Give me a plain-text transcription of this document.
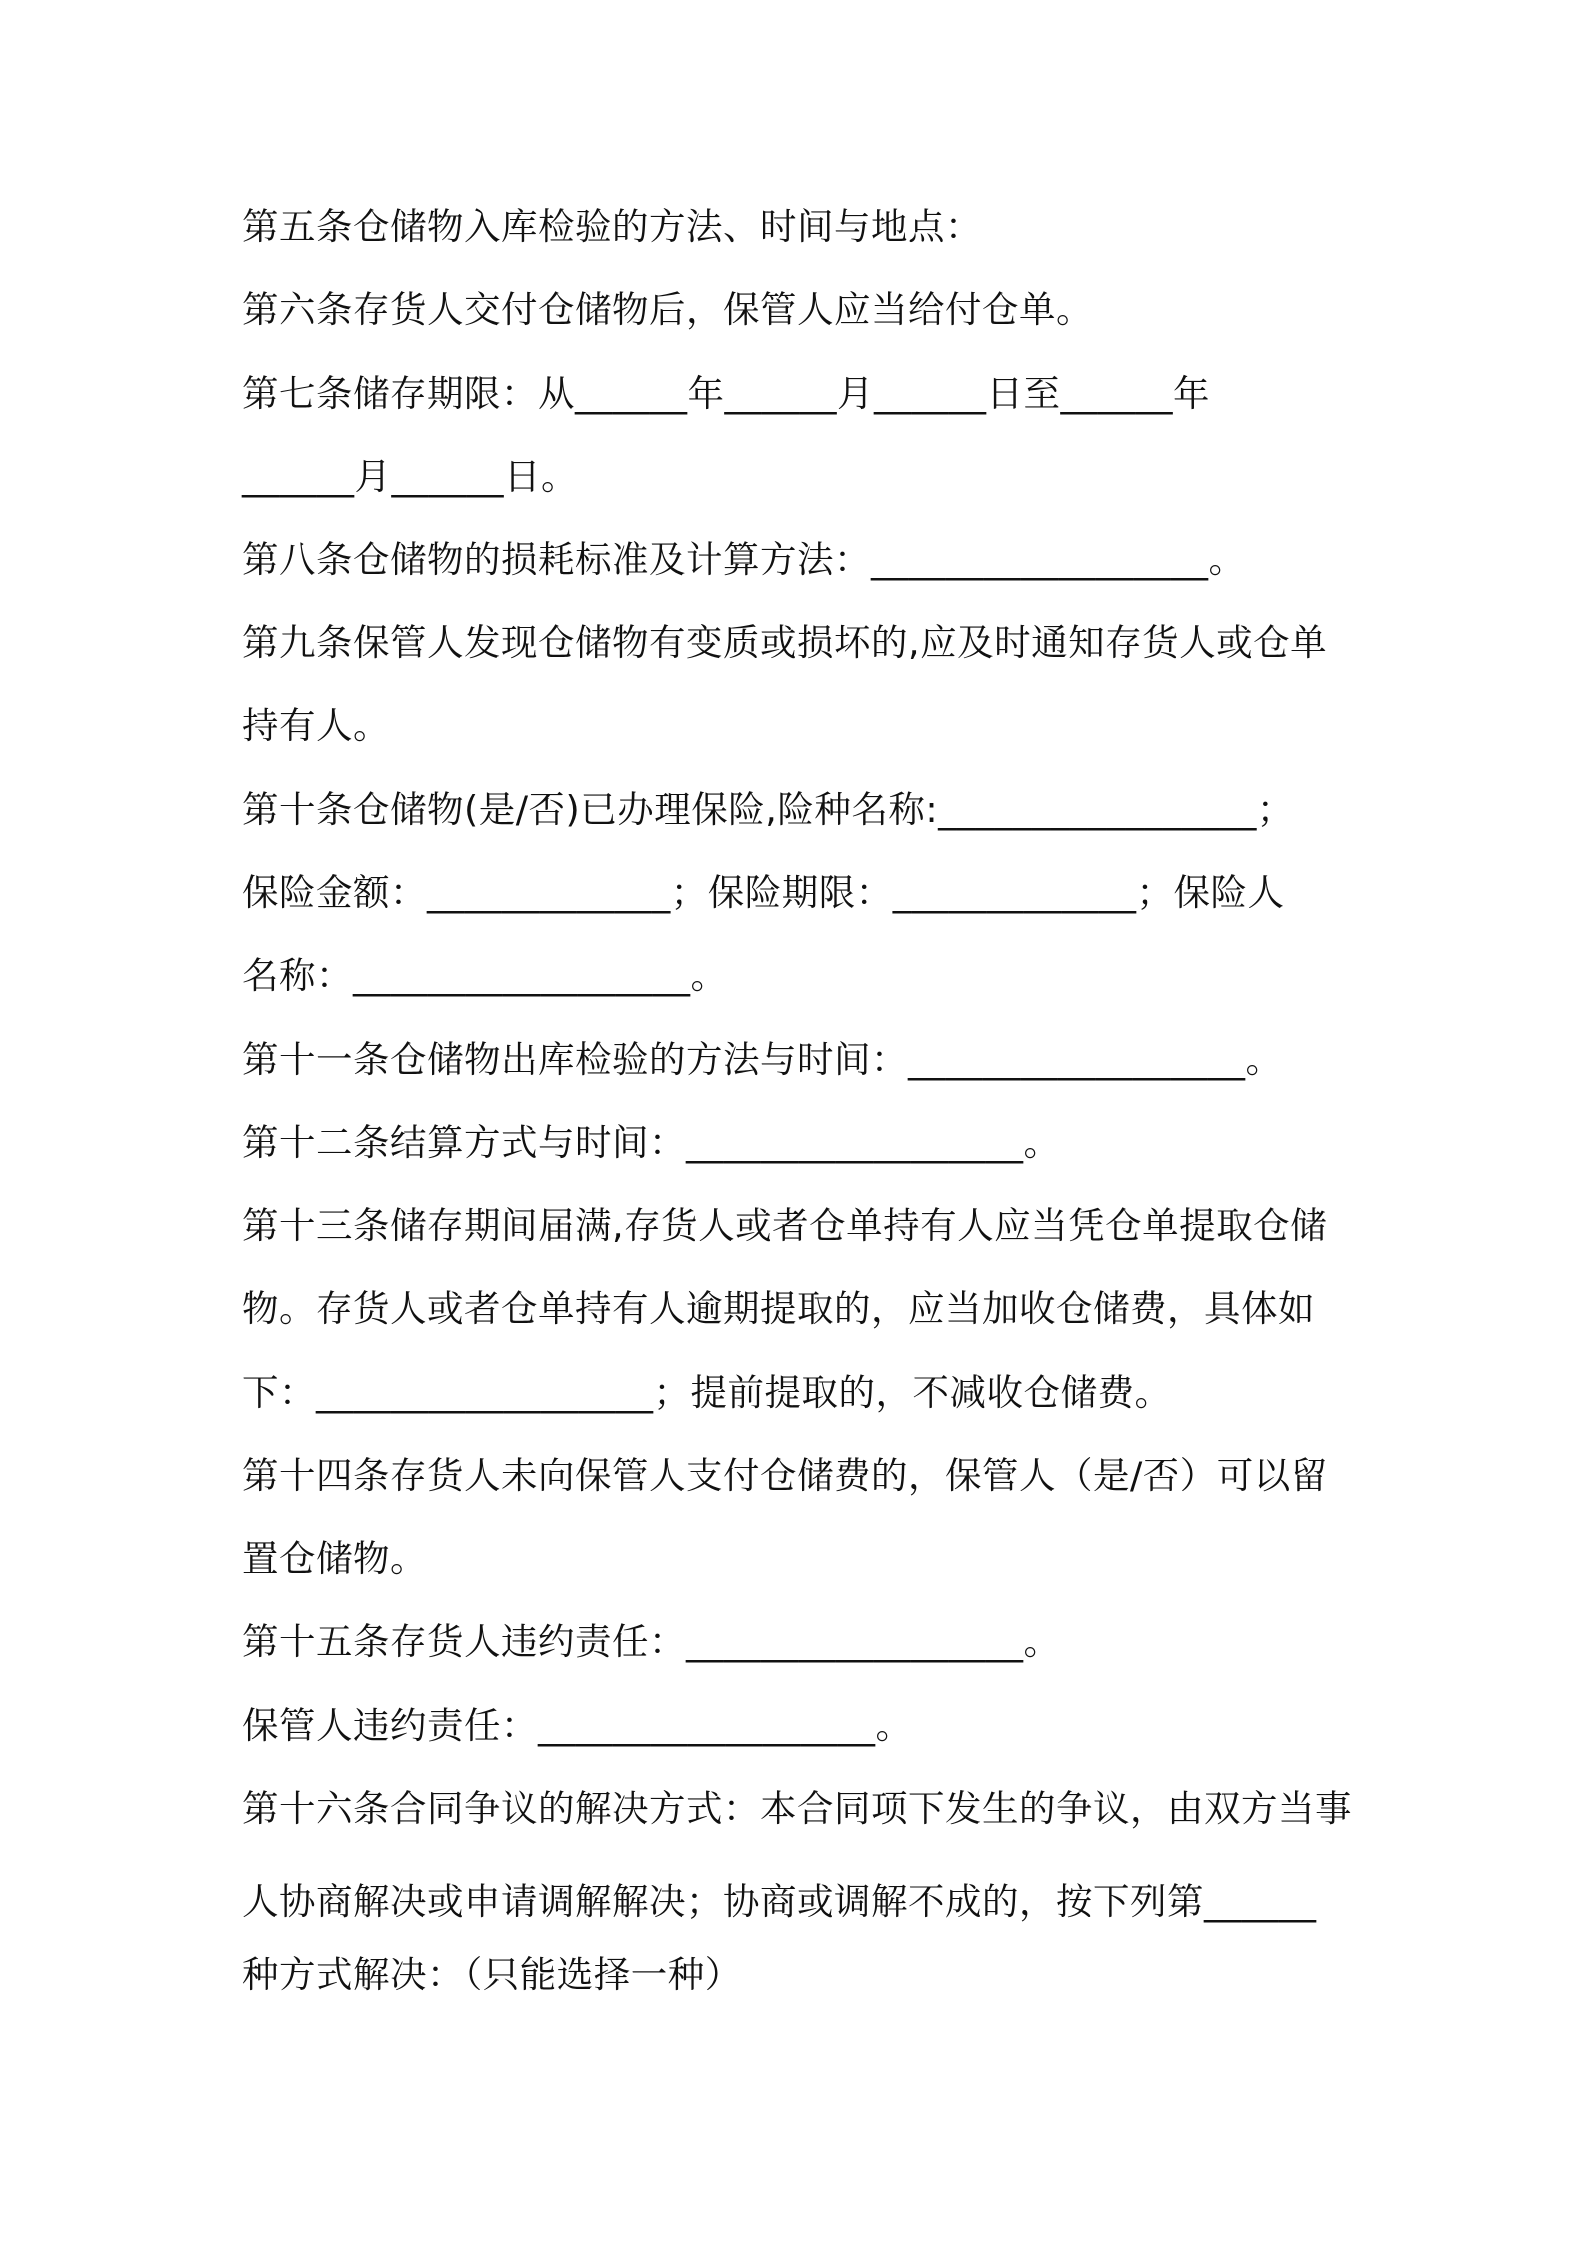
第五条仓储物入库检验的方法、时间与地点：
第六条存货人交付仓储物后，保管人应当给付仓单。
第七条储存期限：从______年______月______日至______年
______月______日。
第八条仓储物的损耗标准及计算方法：__________________。
第九条保管人发现仓储物有变质或损坏的,应及时通知存货人或仓单
持有人。
第十条仓储物(是/否)已办理保险,险种名称:_________________；
保险金额：_____________；保险期限：_____________；保险人
名称：__________________。
第十一条仓储物出库检验的方法与时间：__________________。
第十二条结算方式与时间：__________________。
第十三条储存期间届满,存货人或者仓单持有人应当凭仓单提取仓储
物。存货人或者仓单持有人逾期提取的，应当加收仓储费，具体如
下：__________________；提前提取的，不减收仓储费。
第十四条存货人未向保管人支付仓储费的，保管人（是/否）可以留
置仓储物。
第十五条存货人违约责任：__________________。
保管人违约责任：__________________。
第十六条合同争议的解决方式：本合同项下发生的争议，由双方当事
人协商解决或申请调解解决；协商或调解不成的，按下列第______
种方式解决：（只能选择一种）
